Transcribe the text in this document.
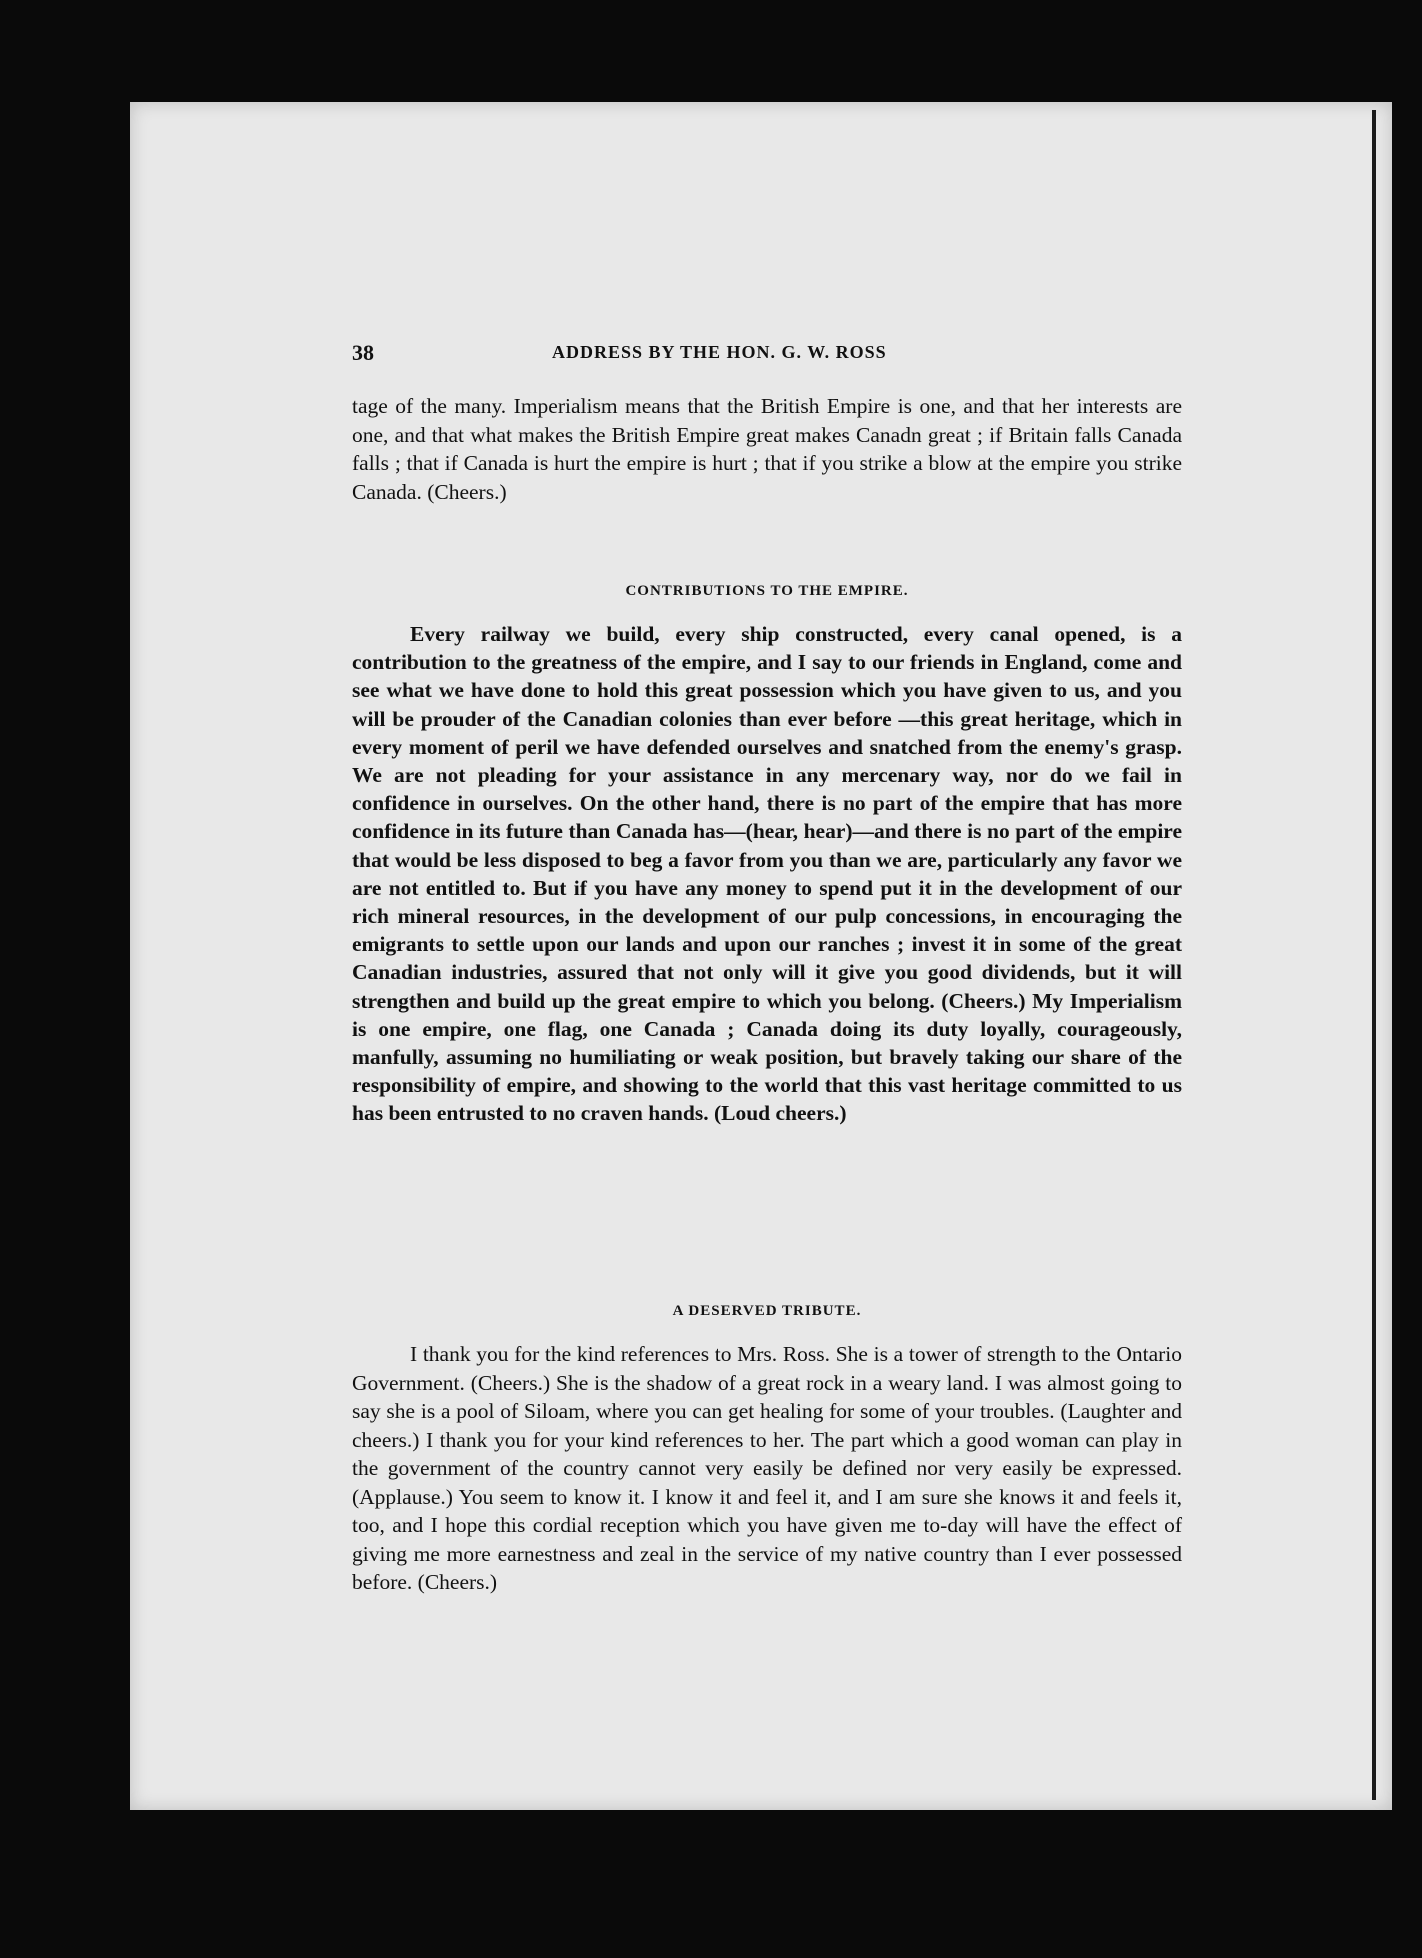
38	ADDRESS BY THE HON. G. W. ROSS

tage of the many. Imperialism means that the British Empire is one, and that her interests are one, and that what makes the British Empire great makes Canadn great ; if Britain falls Canada falls ; that if Canada is hurt the empire is hurt ; that if you strike a blow at the empire you strike Canada. (Cheers.)

CONTRIBUTIONS TO THE EMPIRE.

Every railway we build, every ship constructed, every canal opened, is a contribution to the greatness of the empire, and I say to our friends in England, come and see what we have done to hold this great possession which you have given to us, and you will be prouder of the Canadian colonies than ever before —this great heritage, which in every moment of peril we have defended ourselves and snatched from the enemy's grasp. We are not pleading for your assistance in any mercenary way, nor do we fail in confidence in ourselves. On the other hand, there is no part of the empire that has more confidence in its future than Canada has—(hear, hear)—and there is no part of the empire that would be less disposed to beg a favor from you than we are, particularly any favor we are not entitled to. But if you have any money to spend put it in the development of our rich mineral resources, in the development of our pulp concessions, in encouraging the emigrants to settle upon our lands and upon our ranches ; invest it in some of the great Canadian industries, assured that not only will it give you good dividends, but it will strengthen and build up the great empire to which you belong. (Cheers.) My Imperialism is one empire, one flag, one Canada ; Canada doing its duty loyally, courageously, manfully, assuming no humiliating or weak position, but bravely taking our share of the responsibility of empire, and showing to the world that this vast heritage committed to us has been entrusted to no craven hands. (Loud cheers.)

A DESERVED TRIBUTE.

I thank you for the kind references to Mrs. Ross. She is a tower of strength to the Ontario Government. (Cheers.) She is the shadow of a great rock in a weary land. I was almost going to say she is a pool of Siloam, where you can get healing for some of your troubles. (Laughter and cheers.) I thank you for your kind references to her. The part which a good woman can play in the government of the country cannot very easily be defined nor very easily be expressed. (Applause.) You seem to know it. I know it and feel it, and I am sure she knows it and feels it, too, and I hope this cordial reception which you have given me to-day will have the effect of giving me more earnestness and zeal in the service of my native country than I ever possessed before. (Cheers.)
